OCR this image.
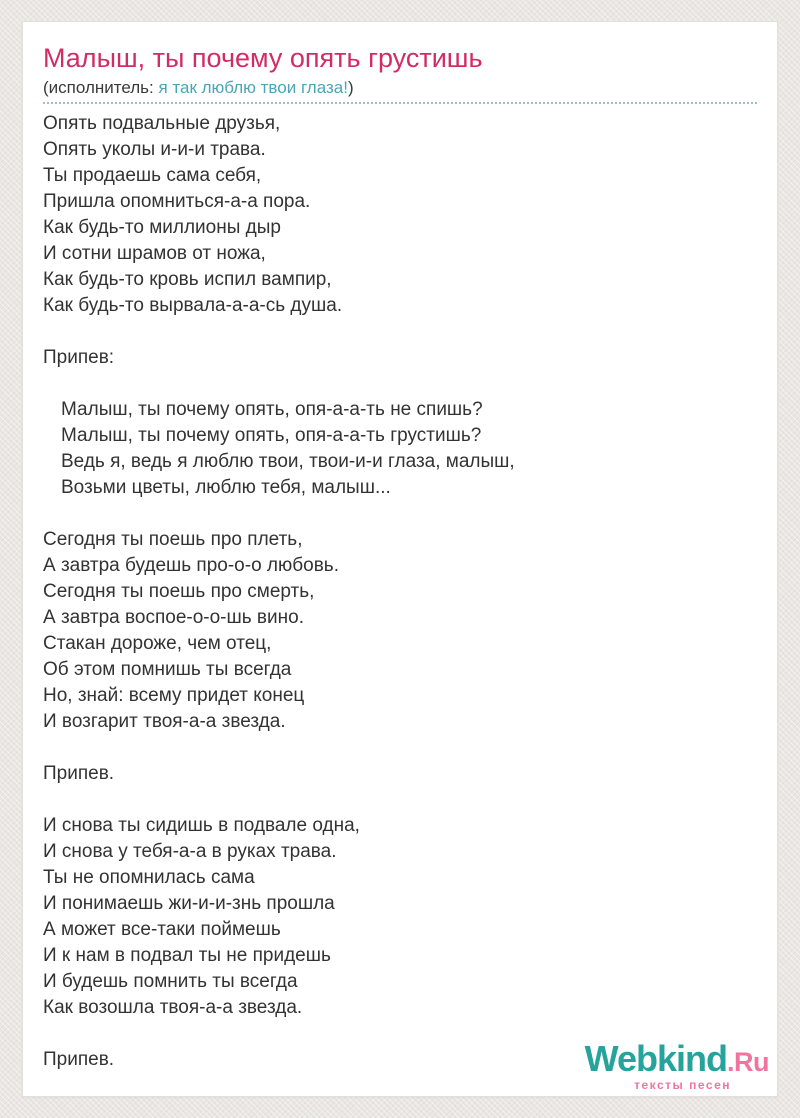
Малыш, ты почему опять грустишь
(исполнитель: я так люблю твои глаза!)
Опять подвальные друзья,
Опять уколы и-и-и трава.
Ты продаешь сама себя,
Пришла опомниться-а-а пора.
Как будь-то миллионы дыр
И сотни шрамов от ножа,
Как будь-то кровь испил вампир,
Как будь-то вырвала-а-а-сь душа.
Припев:
Малыш, ты почему опять, опя-а-а-ть не спишь?
Малыш, ты почему опять, опя-а-а-ть грустишь?
Ведь я, ведь я люблю твои, твои-и-и глаза, малыш,
Возьми цветы, люблю тебя, малыш...
Сегодня ты поешь про плеть,
А завтра будешь про-о-о любовь.
Сегодня ты поешь про смерть,
А завтра воспое-о-о-шь вино.
Стакан дороже, чем отец,
Об этом помнишь ты всегда
Но, знай: всему придет конец
И возгарит твоя-а-а звезда.
Припев.
И снова ты сидишь в подвале одна,
И снова у тебя-а-а в руках трава.
Ты не опомнилась сама
И понимаешь жи-и-и-знь прошла
А может все-таки поймешь
И к нам в подвал ты не придешь
И будешь помнить ты всегда
Как возошла твоя-а-а звезда.
Припев.	Webkind.Ru
тексты песен
